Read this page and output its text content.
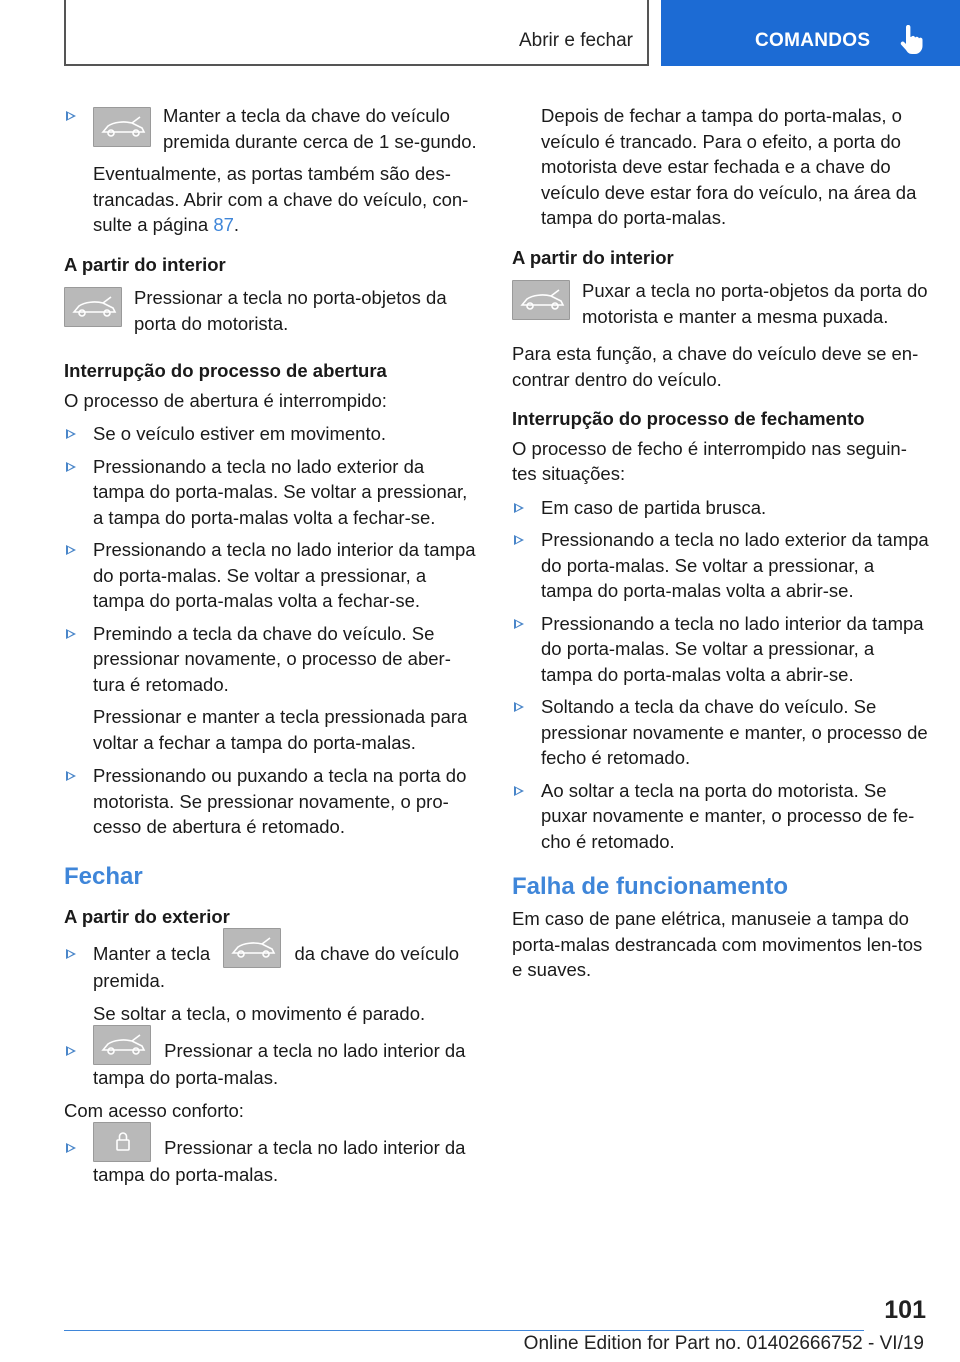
Abrir e fechar	COMANDOS
Manter a tecla da chave do veículo premida durante cerca de 1 se-gundo.

Eventualmente, as portas também são des-trancadas. Abrir com a chave do veículo, con-sulte a página 87.

A partir do interior
Pressionar a tecla no porta-objetos da porta do motorista.
Interrupção do processo de abertura

O processo de abertura é interrompido:

Se o veículo estiver em movimento.
Pressionando a tecla no lado exterior da tampa do porta-malas. Se voltar a pressionar, a tampa do porta-malas volta a fechar-se.
Pressionando a tecla no lado interior da tampa do porta-malas. Se voltar a pressionar, a tampa do porta-malas volta a fechar-se.
Premindo a tecla da chave do veículo. Se pressionar novamente, o processo de aber-tura é retomado.

Pressionar e manter a tecla pressionada para voltar a fechar a tampa do porta-malas.

Pressionando ou puxando a tecla na porta do motorista. Se pressionar novamente, o pro-cesso de abertura é retomado.
Fechar
A partir do exterior
Manter a tecla	da chave do veículo premida.

Se soltar a tecla, o movimento é parado.

Pressionar a tecla no lado interior da tampa do porta-malas.

Com acesso conforto:

Pressionar a tecla no lado interior da tampa do porta-malas.

Depois de fechar a tampa do porta-malas, o veículo é trancado. Para o efeito, a porta do motorista deve estar fechada e a chave do veículo deve estar fora do veículo, na área da tampa do porta-malas.

A partir do interior
Puxar a tecla no porta-objetos da porta do motorista e manter a mesma puxada.

Para esta função, a chave do veículo deve se en-contrar dentro do veículo.

Interrupção do processo de fechamento

O processo de fecho é interrompido nas seguin-tes situações:

Em caso de partida brusca.
Pressionando a tecla no lado exterior da tampa do porta-malas. Se voltar a pressionar, a tampa do porta-malas volta a abrir-se.
Pressionando a tecla no lado interior da tampa do porta-malas. Se voltar a pressionar, a tampa do porta-malas volta a abrir-se.
Soltando a tecla da chave do veículo. Se pressionar novamente e manter, o processo de fecho é retomado.
Ao soltar a tecla na porta do motorista. Se puxar novamente e manter, o processo de fe-cho é retomado.
Falha de funcionamento

Em caso de pane elétrica, manuseie a tampa do porta-malas destrancada com movimentos len-tos e suaves.

101
Online Edition for Part no. 01402666752 - VI/19
